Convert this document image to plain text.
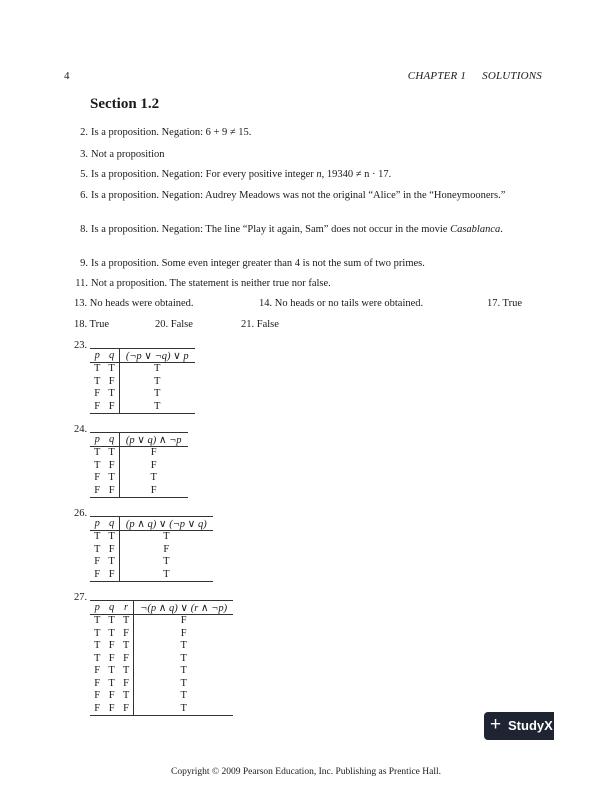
4	CHAPTER 1 SOLUTIONS
Section 1.2
2. Is a proposition. Negation: 6 + 9 ≠ 15.
3. Not a proposition
5. Is a proposition. Negation: For every positive integer n, 19340 ≠ n · 17.
6. Is a proposition. Negation: Audrey Meadows was not the original “Alice” in the “Honeymooners.”
8. Is a proposition. Negation: The line “Play it again, Sam” does not occur in the movie Casablanca.
9. Is a proposition. Some even integer greater than 4 is not the sum of two primes.
11. Not a proposition. The statement is neither true nor false.
13. No heads were obtained.	14. No heads or no tails were obtained.	17. True
18. True	20. False	21. False
23.
p	q	(¬p ∨ ¬q) ∨ p
T	T	T
T	F	T
F	T	T
F	F	T
24.
p	q	(p ∨ q) ∧ ¬p
T	T	F
T	F	F
F	T	T
F	F	F
26.
p	q	(p ∧ q) ∨ (¬p ∨ q)
T	T	T
T	F	F
F	T	T
F	F	T
27.
p	q	r	¬(p ∧ q) ∨ (r ∧ ¬p)
T	T	T	F
T	T	F	F
T	F	T	T
T	F	F	T
F	T	T	T
F	T	F	T
F	F	T	T
F	F	F	T
+ StudyX
Copyright © 2009 Pearson Education, Inc. Publishing as Prentice Hall.
